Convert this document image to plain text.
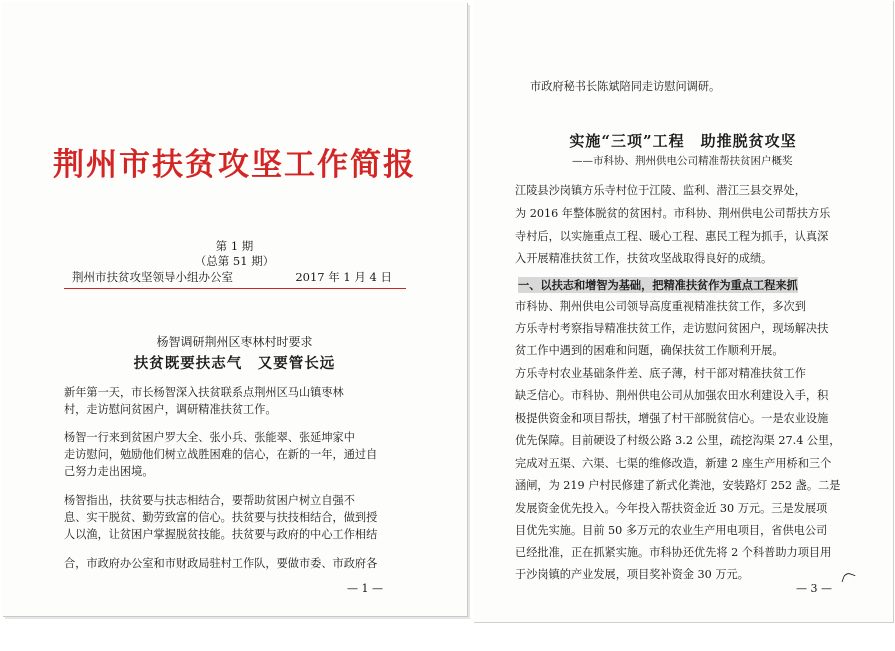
荆州市扶贫攻坚工作简报
第 1 期
（总第 51 期）
荆州市扶贫攻坚领导小组办公室	2017 年 1 月 4 日
杨智调研荆州区枣林村时要求
扶贫既要扶志气　又要管长远
新年第一天，市长杨智深入扶贫联系点荆州区马山镇枣林
村，走访慰问贫困户，调研精准扶贫工作。
杨智一行来到贫困户罗大全、张小兵、张能翠、张延坤家中
走访慰问，勉励他们树立战胜困难的信心，在新的一年，通过自
己努力走出困境。
杨智指出，扶贫要与扶志相结合，要帮助贫困户树立自强不
息、实干脱贫、勤劳致富的信心。扶贫要与扶技相结合，做到授
人以渔，让贫困户掌握脱贫技能。扶贫要与政府的中心工作相结
合，市政府办公室和市财政局驻村工作队，要做市委、市政府各
— 1 —
市政府秘书长陈斌陪同走访慰问调研。
实施“三项”工程　助推脱贫攻坚
——市科协、荆州供电公司精准帮扶贫困户概奖
江陵县沙岗镇方乐寺村位于江陵、监利、潜江三县交界处，
为 2016 年整体脱贫的贫困村。市科协、荆州供电公司帮扶方乐
寺村后，以实施重点工程、暖心工程、惠民工程为抓手，认真深
入开展精准扶贫工作，扶贫攻坚战取得良好的成绩。
一、以扶志和增智为基础，把精准扶贫作为重点工程来抓
市科协、荆州供电公司领导高度重视精准扶贫工作，多次到
方乐寺村考察指导精准扶贫工作，走访慰问贫困户，现场解决扶
贫工作中遇到的困难和问题，确保扶贫工作顺利开展。
方乐寺村农业基础条件差、底子薄，村干部对精准扶贫工作
缺乏信心。市科协、荆州供电公司从加强农田水利建设入手，积
极提供资金和项目帮扶，增强了村干部脱贫信心。一是农业设施
优先保障。目前硬设了村级公路 3.2 公里，疏挖沟渠 27.4 公里，
完成对五渠、六渠、七渠的维修改造，新建 2 座生产用桥和三个
涵闸，为 219 户村民修建了新式化粪池，安装路灯 252 盏。二是
发展资金优先投入。今年投入帮扶资金近 30 万元。三是发展项
目优先实施。目前 50 多万元的农业生产用电项目，省供电公司
已经批准，正在抓紧实施。市科协还优先将 2 个科普助力项目用
于沙岗镇的产业发展，项目奖补资金 30 万元。
— 3 —
